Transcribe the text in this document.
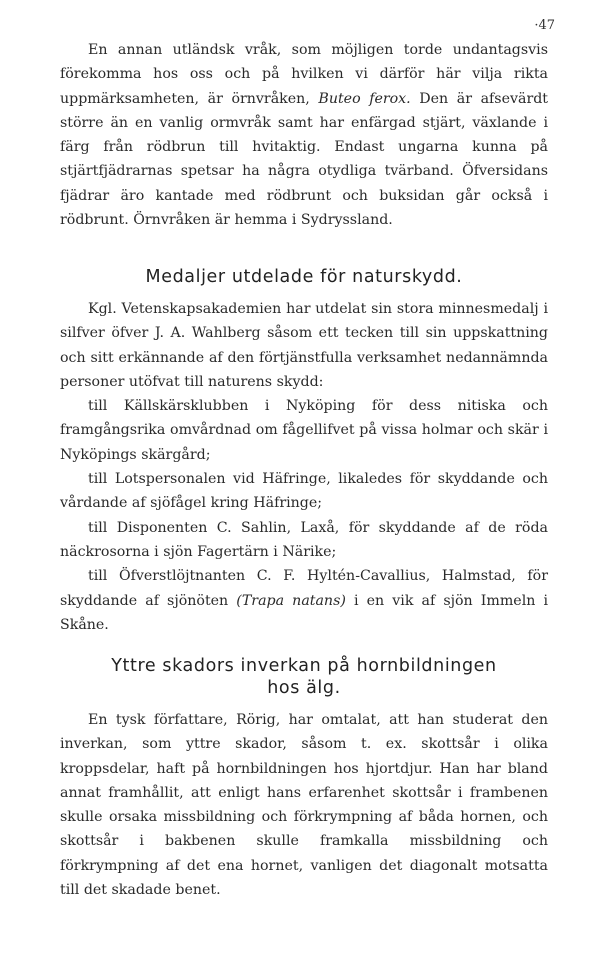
·47

En annan utländsk vråk, som möjligen torde undantagsvis förekomma hos oss och på hvilken vi därför här vilja rikta uppmärksamheten, är örnvråken, Buteo ferox. Den är afsevärdt större än en vanlig ormvråk samt har enfärgad stjärt, växlande i färg från rödbrun till hvitaktig. Endast ungarna kunna på stjärtfjädrarnas spetsar ha några otydliga tvärband. Öfversidans fjädrar äro kantade med rödbrunt och buksidan går också i rödbrunt. Örnvråken är hemma i Sydryssland.

Medaljer utdelade för naturskydd.

Kgl. Vetenskapsakademien har utdelat sin stora minnesmedalj i silfver öfver J. A. Wahlberg såsom ett tecken till sin uppskattning och sitt erkännande af den förtjänstfulla verksamhet nedannämnda personer utöfvat till naturens skydd:

till Källskärsklubben i Nyköping för dess nitiska och framgångsrika omvårdnad om fågellifvet på vissa holmar och skär i Nyköpings skärgård;

till Lotspersonalen vid Häfringe, likaledes för skyddande och vårdande af sjöfågel kring Häfringe;

till Disponenten C. Sahlin, Laxå, för skyddande af de röda näckrosorna i sjön Fagertärn i Närike;

till Öfverstlöjtnanten C. F. Hyltén-Cavallius, Halmstad, för skyddande af sjönöten (Trapa natans) i en vik af sjön Immeln i Skåne.

Yttre skadors inverkan på hornbildningen
hos älg.

En tysk författare, Rörig, har omtalat, att han studerat den inverkan, som yttre skador, såsom t. ex. skottsår i olika kroppsdelar, haft på hornbildningen hos hjortdjur. Han har bland annat framhållit, att enligt hans erfarenhet skottsår i frambenen skulle orsaka missbildning och förkrympning af båda hornen, och skottsår i bakbenen skulle framkalla missbildning och förkrympning af det ena hornet, vanligen det diagonalt motsatta till det skadade benet.
